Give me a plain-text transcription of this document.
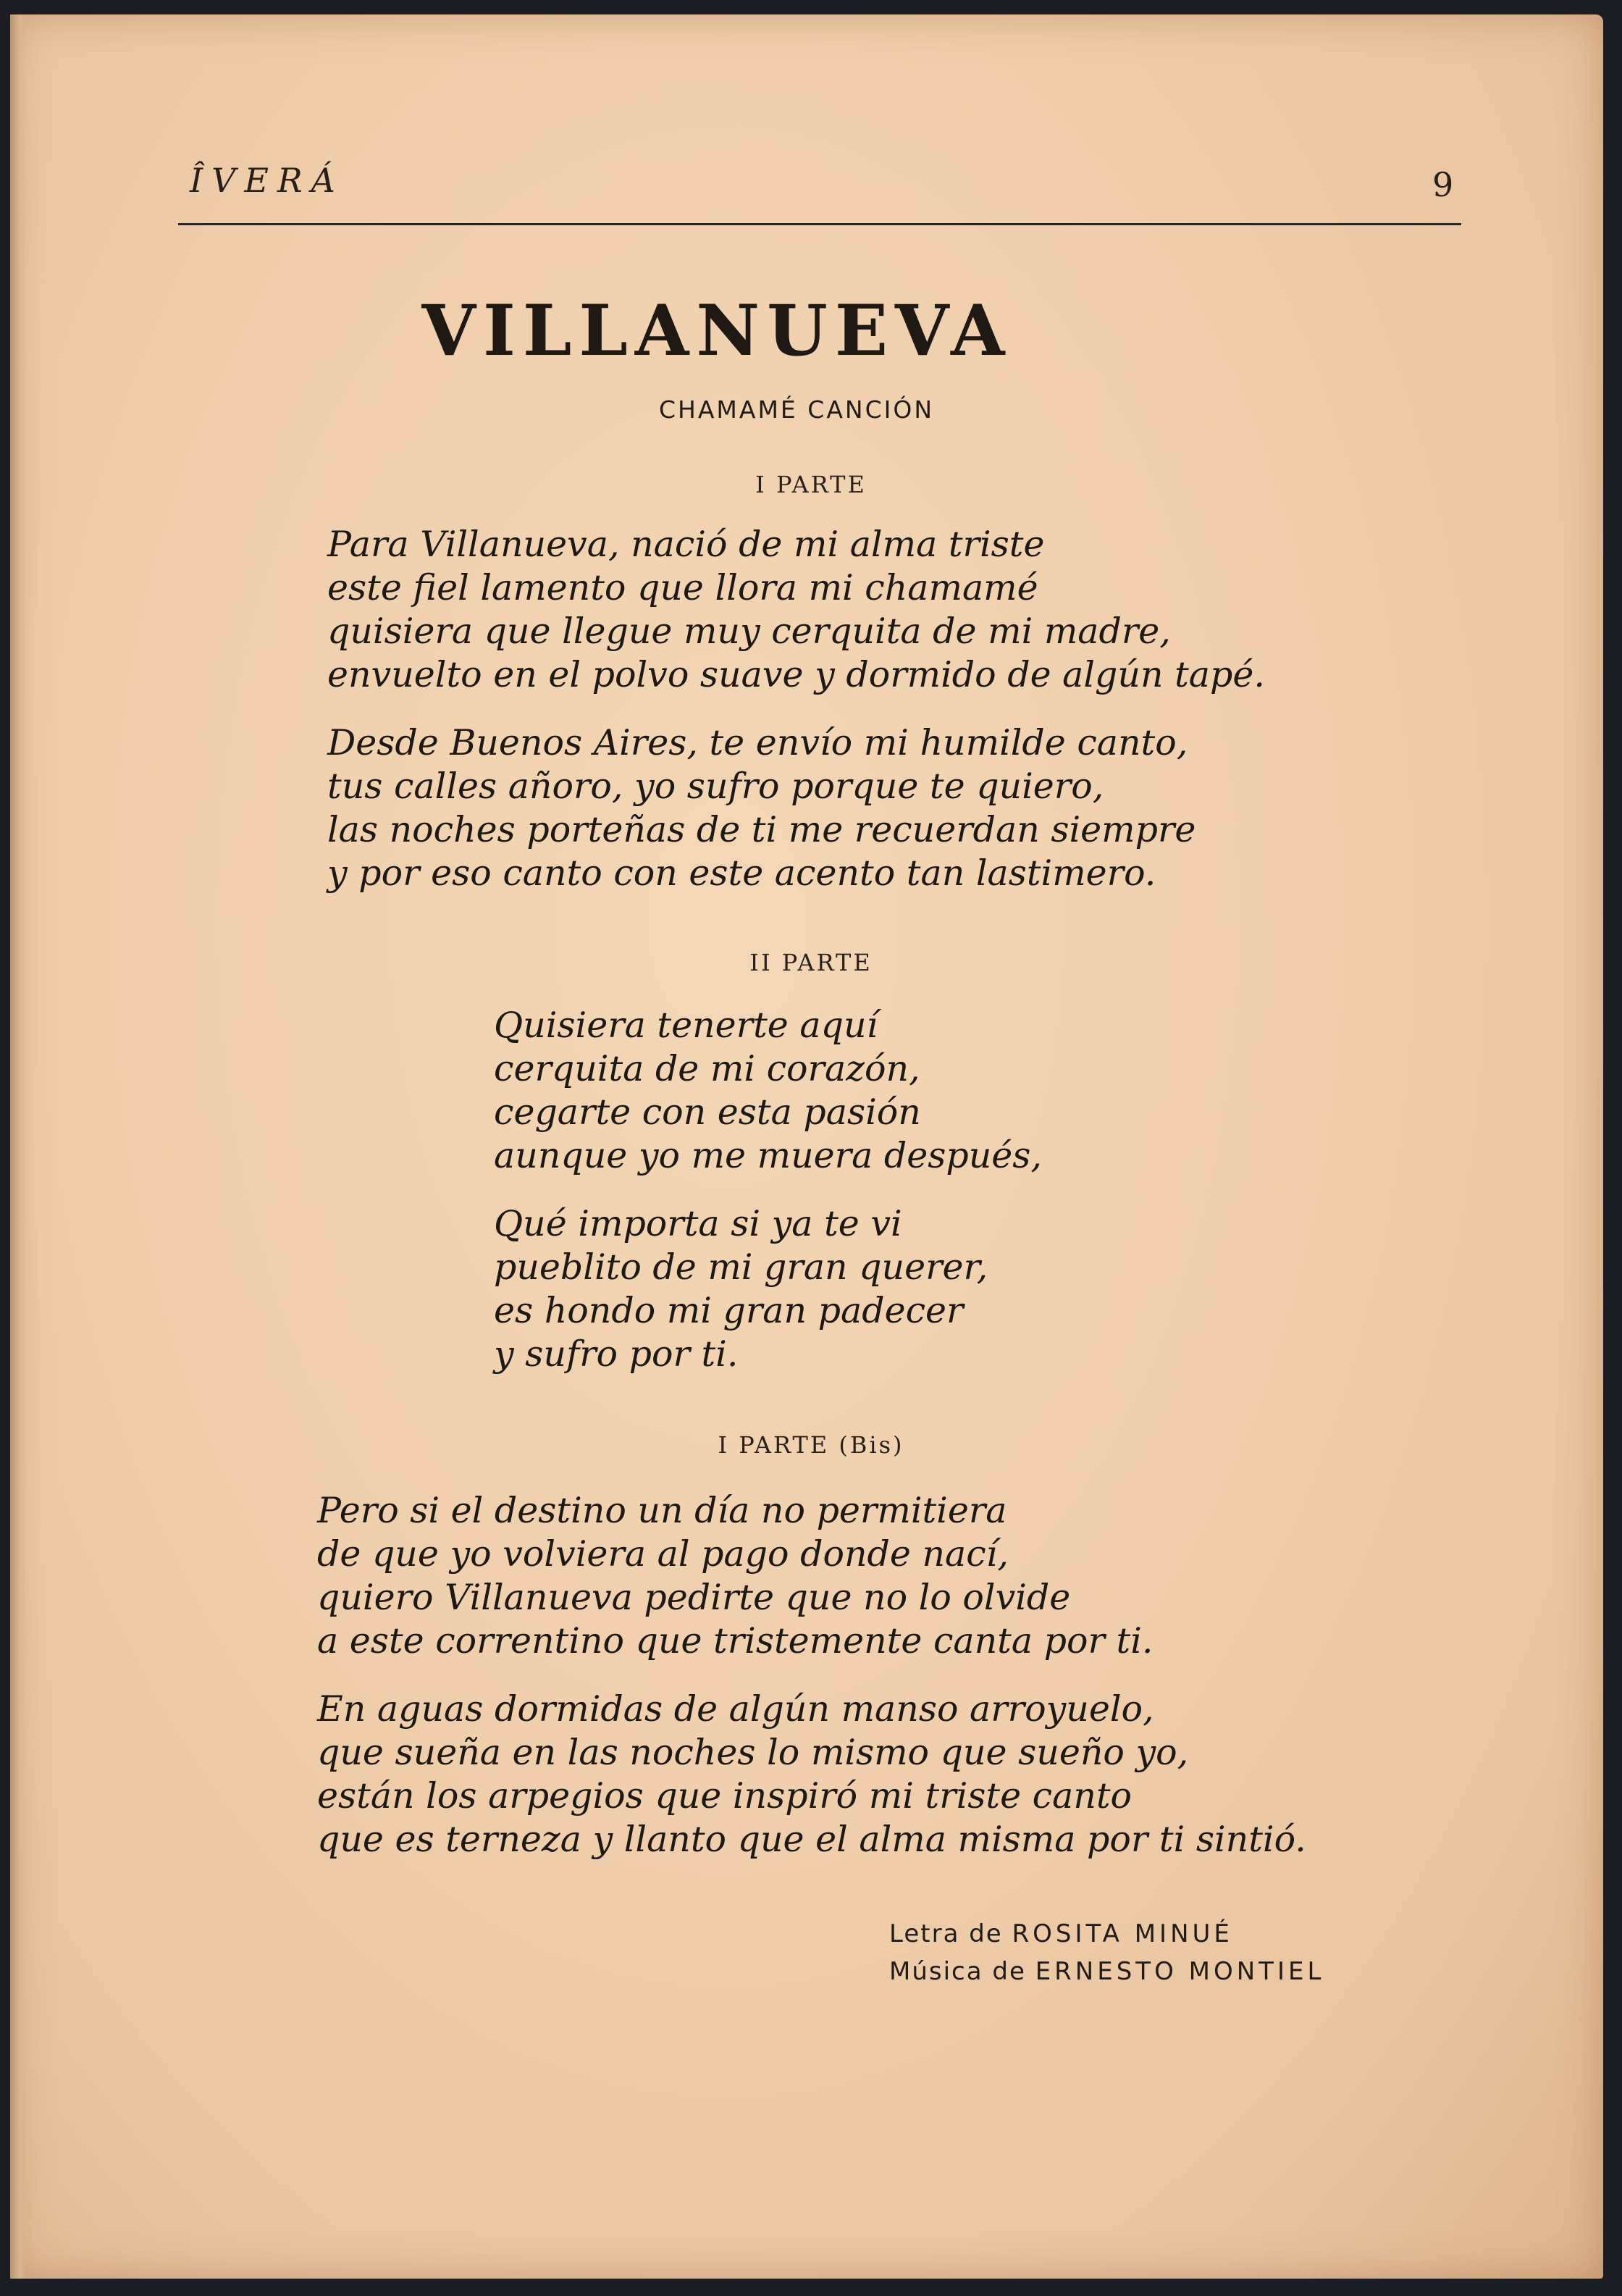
ÎVERÁ	9
VILLANUEVA
CHAMAMÉ CANCIÓN
I PARTE
Para Villanueva, nació de mi alma triste
este fiel lamento que llora mi chamamé
quisiera que llegue muy cerquita de mi madre,
envuelto en el polvo suave y dormido de algún tapé.
Desde Buenos Aires, te envío mi humilde canto,
tus calles añoro, yo sufro porque te quiero,
las noches porteñas de ti me recuerdan siempre
y por eso canto con este acento tan lastimero.
II PARTE
Quisiera tenerte aquí
cerquita de mi corazón,
cegarte con esta pasión
aunque yo me muera después,
Qué importa si ya te vi
pueblito de mi gran querer,
es hondo mi gran padecer
y sufro por ti.
I PARTE (Bis)
Pero si el destino un día no permitiera
de que yo volviera al pago donde nací,
quiero Villanueva pedirte que no lo olvide
a este correntino que tristemente canta por ti.
En aguas dormidas de algún manso arroyuelo,
que sueña en las noches lo mismo que sueño yo,
están los arpegios que inspiró mi triste canto
que es terneza y llanto que el alma misma por ti sintió.
Letra de ROSITA MINUÉ
Música de ERNESTO MONTIEL
